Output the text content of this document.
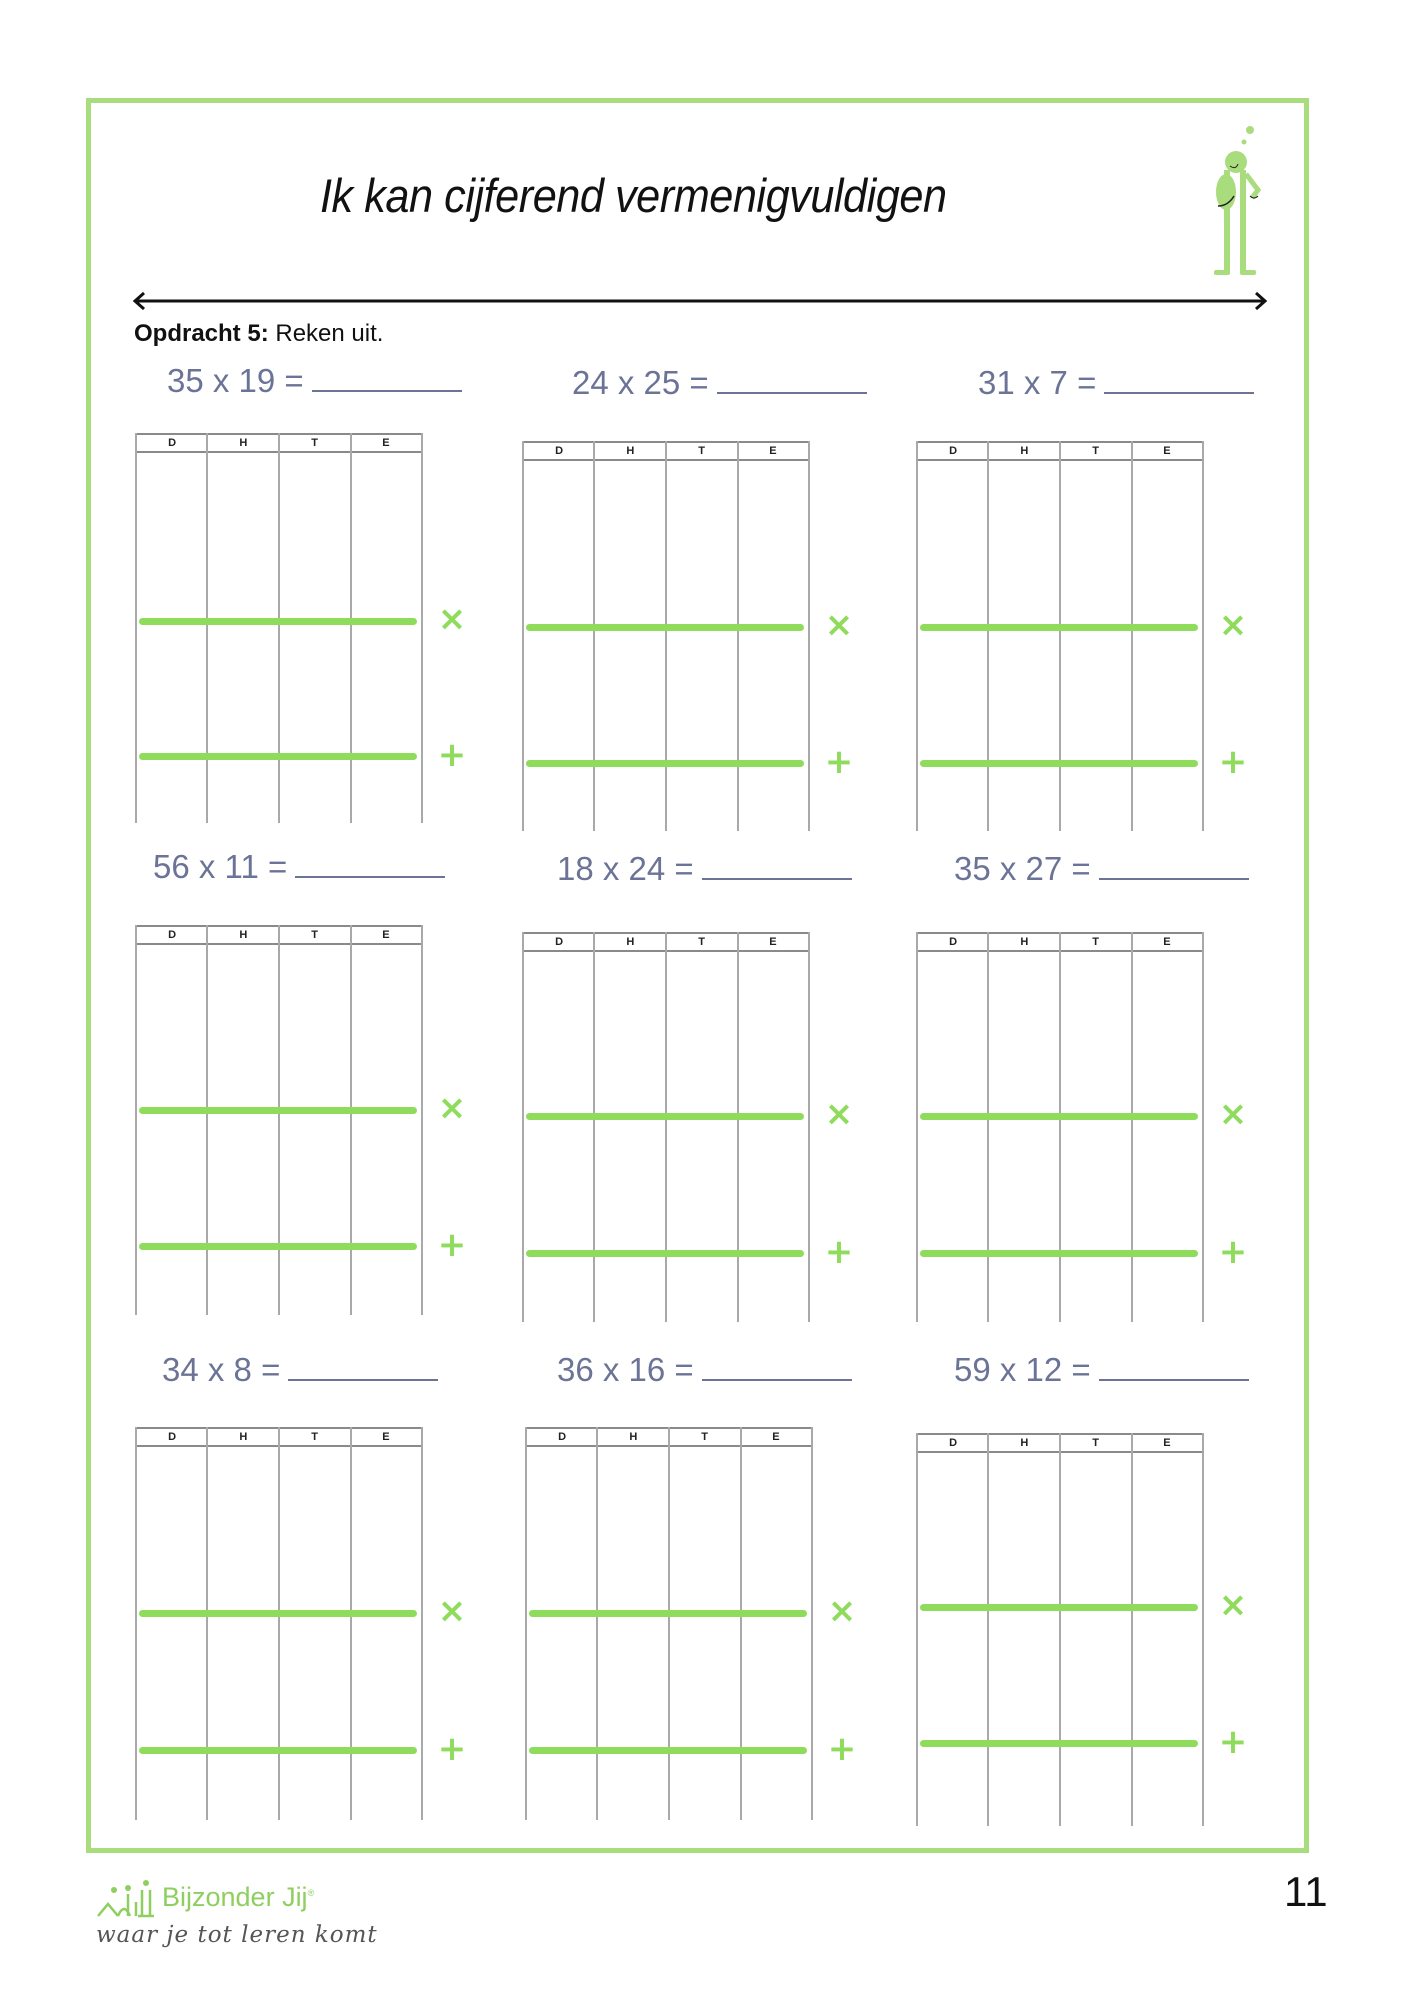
Ik kan cijferend vermenigvuldigen
Opdracht 5: Reken uit.
35 x 19 =	24 x 25 =	31 x 7 =
56 x 11 =	18 x 24 =	35 x 27 =
34 x 8 =	36 x 16 =	59 x 12 =
D	H	T	E
×
+
D	H	T	E
×
+
D	H	T	E
×
+
D	H	T	E
×
+
D	H	T	E
×
+
D	H	T	E
×
+
D	H	T	E
×
+
D	H	T	E
×
+
D	H	T	E
×
+
Bijzonder Jij®
waar je tot leren komt
11
